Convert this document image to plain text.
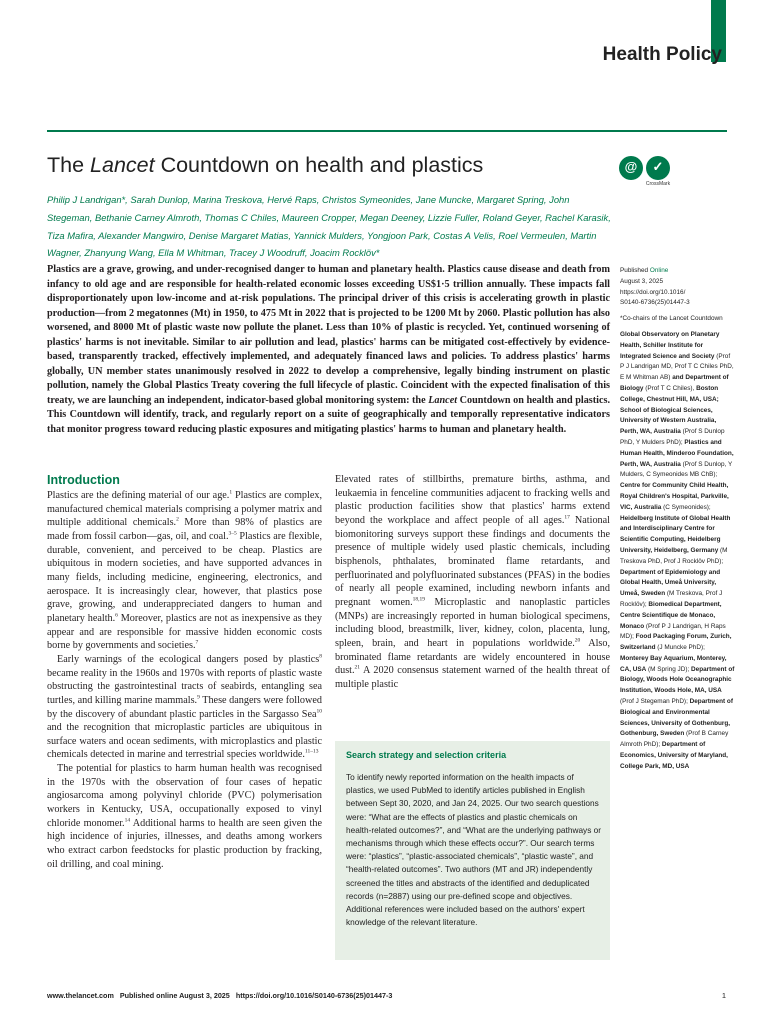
Health Policy
The Lancet Countdown on health and plastics	@	✓
CrossMark

Philip J Landrigan*, Sarah Dunlop, Marina Treskova, Hervé Raps, Christos Symeonides, Jane Muncke, Margaret Spring, John Stegeman, Bethanie Carney Almroth, Thomas C Chiles, Maureen Cropper, Megan Deeney, Lizzie Fuller, Roland Geyer, Rachel Karasik, Tiza Mafira, Alexander Mangwiro, Denise Margaret Matias, Yannick Mulders, Yongjoon Park, Costas A Velis, Roel Vermeulen, Martin Wagner, Zhanyung Wang, Ella M Whitman, Tracey J Woodruff, Joacim Rocklöv*

Plastics are a grave, growing, and under-recognised danger to human and planetary health. Plastics cause disease and death from infancy to old age and are responsible for health-related economic losses exceeding US$1·5 trillion annually. These impacts fall disproportionately upon low-income and at-risk populations. The principal driver of this crisis is accelerating growth in plastic production—from 2 megatonnes (Mt) in 1950, to 475 Mt in 2022 that is projected to be 1200 Mt by 2060. Plastic pollution has also worsened, and 8000 Mt of plastic waste now pollute the planet. Less than 10% of plastic is recycled. Yet, continued worsening of plastics' harms is not inevitable. Similar to air pollution and lead, plastics' harms can be mitigated cost-effectively by evidence-based, transparently tracked, effectively implemented, and adequately financed laws and policies. To address plastics' harms globally, UN member states unanimously resolved in 2022 to develop a comprehensive, legally binding instrument on plastic pollution, namely the Global Plastics Treaty covering the full lifecycle of plastic. Coincident with the expected finalisation of this treaty, we are launching an independent, indicator-based global monitoring system: the Lancet Countdown on health and plastics. This Countdown will identify, track, and regularly report on a suite of geographically and temporally representative indicators that monitor progress toward reducing plastic exposures and mitigating plastics' harms to human and planetary health.

Published Online
August 3, 2025
https://doi.org/10.1016/
S0140-6736(25)01447-3

*Co-chairs of the Lancet Countdown

Global Observatory on Planetary Health, Schiller Institute for Integrated Science and Society (Prof P J Landrigan MD, Prof T C Chiles PhD, E M Whitman AB) and Department of Biology (Prof T C Chiles), Boston College, Chestnut Hill, MA, USA; School of Biological Sciences, University of Western Australia, Perth, WA, Australia (Prof S Dunlop PhD, Y Mulders PhD); Plastics and Human Health, Minderoo Foundation, Perth, WA, Australia (Prof S Dunlop, Y Mulders, C Symeonides MB ChB); Centre for Community Child Health, Royal Children's Hospital, Parkville, VIC, Australia (C Symeonides); Heidelberg Institute of Global Health and Interdisciplinary Centre for Scientific Computing, Heidelberg University, Heidelberg, Germany (M Treskova PhD, Prof J Rocklöv PhD); Department of Epidemiology and Global Health, Umeå University, Umeå, Sweden (M Treskova, Prof J Rocklöv); Biomedical Department, Centre Scientifique de Monaco, Monaco (Prof P J Landrigan, H Raps MD); Food Packaging Forum, Zurich, Switzerland (J Muncke PhD); Monterey Bay Aquarium, Monterey, CA, USA (M Spring JD); Department of Biology, Woods Hole Oceanographic Institution, Woods Hole, MA, USA (Prof J Stegeman PhD); Department of Biological and Environmental Sciences, University of Gothenburg, Gothenburg, Sweden (Prof B Carney Almroth PhD); Department of Economics, University of Maryland, College Park, MD, USA

Introduction

Plastics are the defining material of our age.$^1$ Plastics are complex, manufactured chemical materials comprising a polymer matrix and multiple additional chemicals.$^2$ More than 98% of plastics are made from fossil carbon—gas, oil, and coal.$^{3-5}$ Plastics are flexible, durable, convenient, and perceived to be cheap. Plastics are ubiquitous in modern societies, and have supported advances in many fields, including medicine, engineering, electronics, and aerospace. It is increasingly clear, however, that plastics pose grave, growing, and underappreciated dangers to human and planetary health.$^6$ Moreover, plastics are not as inexpensive as they appear and are responsible for massive hidden economic costs borne by governments and societies.$^7$

Early warnings of the ecological dangers posed by plastics$^8$ became reality in the 1960s and 1970s with reports of plastic waste obstructing the gastrointestinal tracts of seabirds, entangling sea turtles, and killing marine mammals.$^9$ These dangers were followed by the discovery of abundant plastic particles in the Sargasso Sea$^{10}$ and the recognition that microplastic particles are ubiquitous in surface waters and ocean sediments, with microplastics and plastic chemicals detected in marine and terrestrial species worldwide.$^{11-13}$

The potential for plastics to harm human health was recognised in the 1970s with the observation of four cases of hepatic angiosarcoma among polyvinyl chloride (PVC) polymerisation workers in Kentucky, USA, occupationally exposed to vinyl chloride monomer.$^{14}$ Additional harms to health are seen given the high incidence of injuries, illnesses, and deaths among workers who extract carbon feedstocks for plastic production by fracking, oil drilling, and coal mining.

Elevated rates of stillbirths, premature births, asthma, and leukaemia in fenceline communities adjacent to fracking wells and plastic production facilities show that plastics' harms extend beyond the workplace and affect people of all ages.$^{17}$ National biomonitoring surveys support these findings and documents the presence of multiple widely used plastic chemicals, including bisphenols, phthalates, brominated flame retardants, and perfluorinated and polyfluorinated substances (PFAS) in the bodies of nearly all people examined, including newborn infants and pregnant women.$^{18,19}$ Microplastic and nanoplastic particles (MNPs) are increasingly reported in human biological specimens, including blood, breastmilk, liver, kidney, colon, placenta, lung, spleen, brain, and heart in populations worldwide.$^{20}$ Also, brominated flame retardants are widely encountered in house dust.$^{21}$ A 2020 consensus statement warned of the health threat of multiple plastic

Search strategy and selection criteria

To identify newly reported information on the health impacts of plastics, we used PubMed to identify articles published in English between Sept 30, 2020, and Jan 24, 2025. Our two search questions were: “What are the effects of plastics and plastic chemicals on health-related outcomes?”, and “What are the underlying pathways or mechanisms through which these effects occur?”. Our search terms were: “plastics”, “plastic-associated chemicals”, “plastic waste”, and “health-related outcomes”. Two authors (MT and JR) independently screened the titles and abstracts of the identified and deduplicated records (n=2887) using our pre-defined scope and objectives. Additional references were included based on the authors' expert knowledge of the relevant literature.

www.thelancet.com Published online August 3, 2025 https://doi.org/10.1016/S0140-6736(25)01447-3	1
